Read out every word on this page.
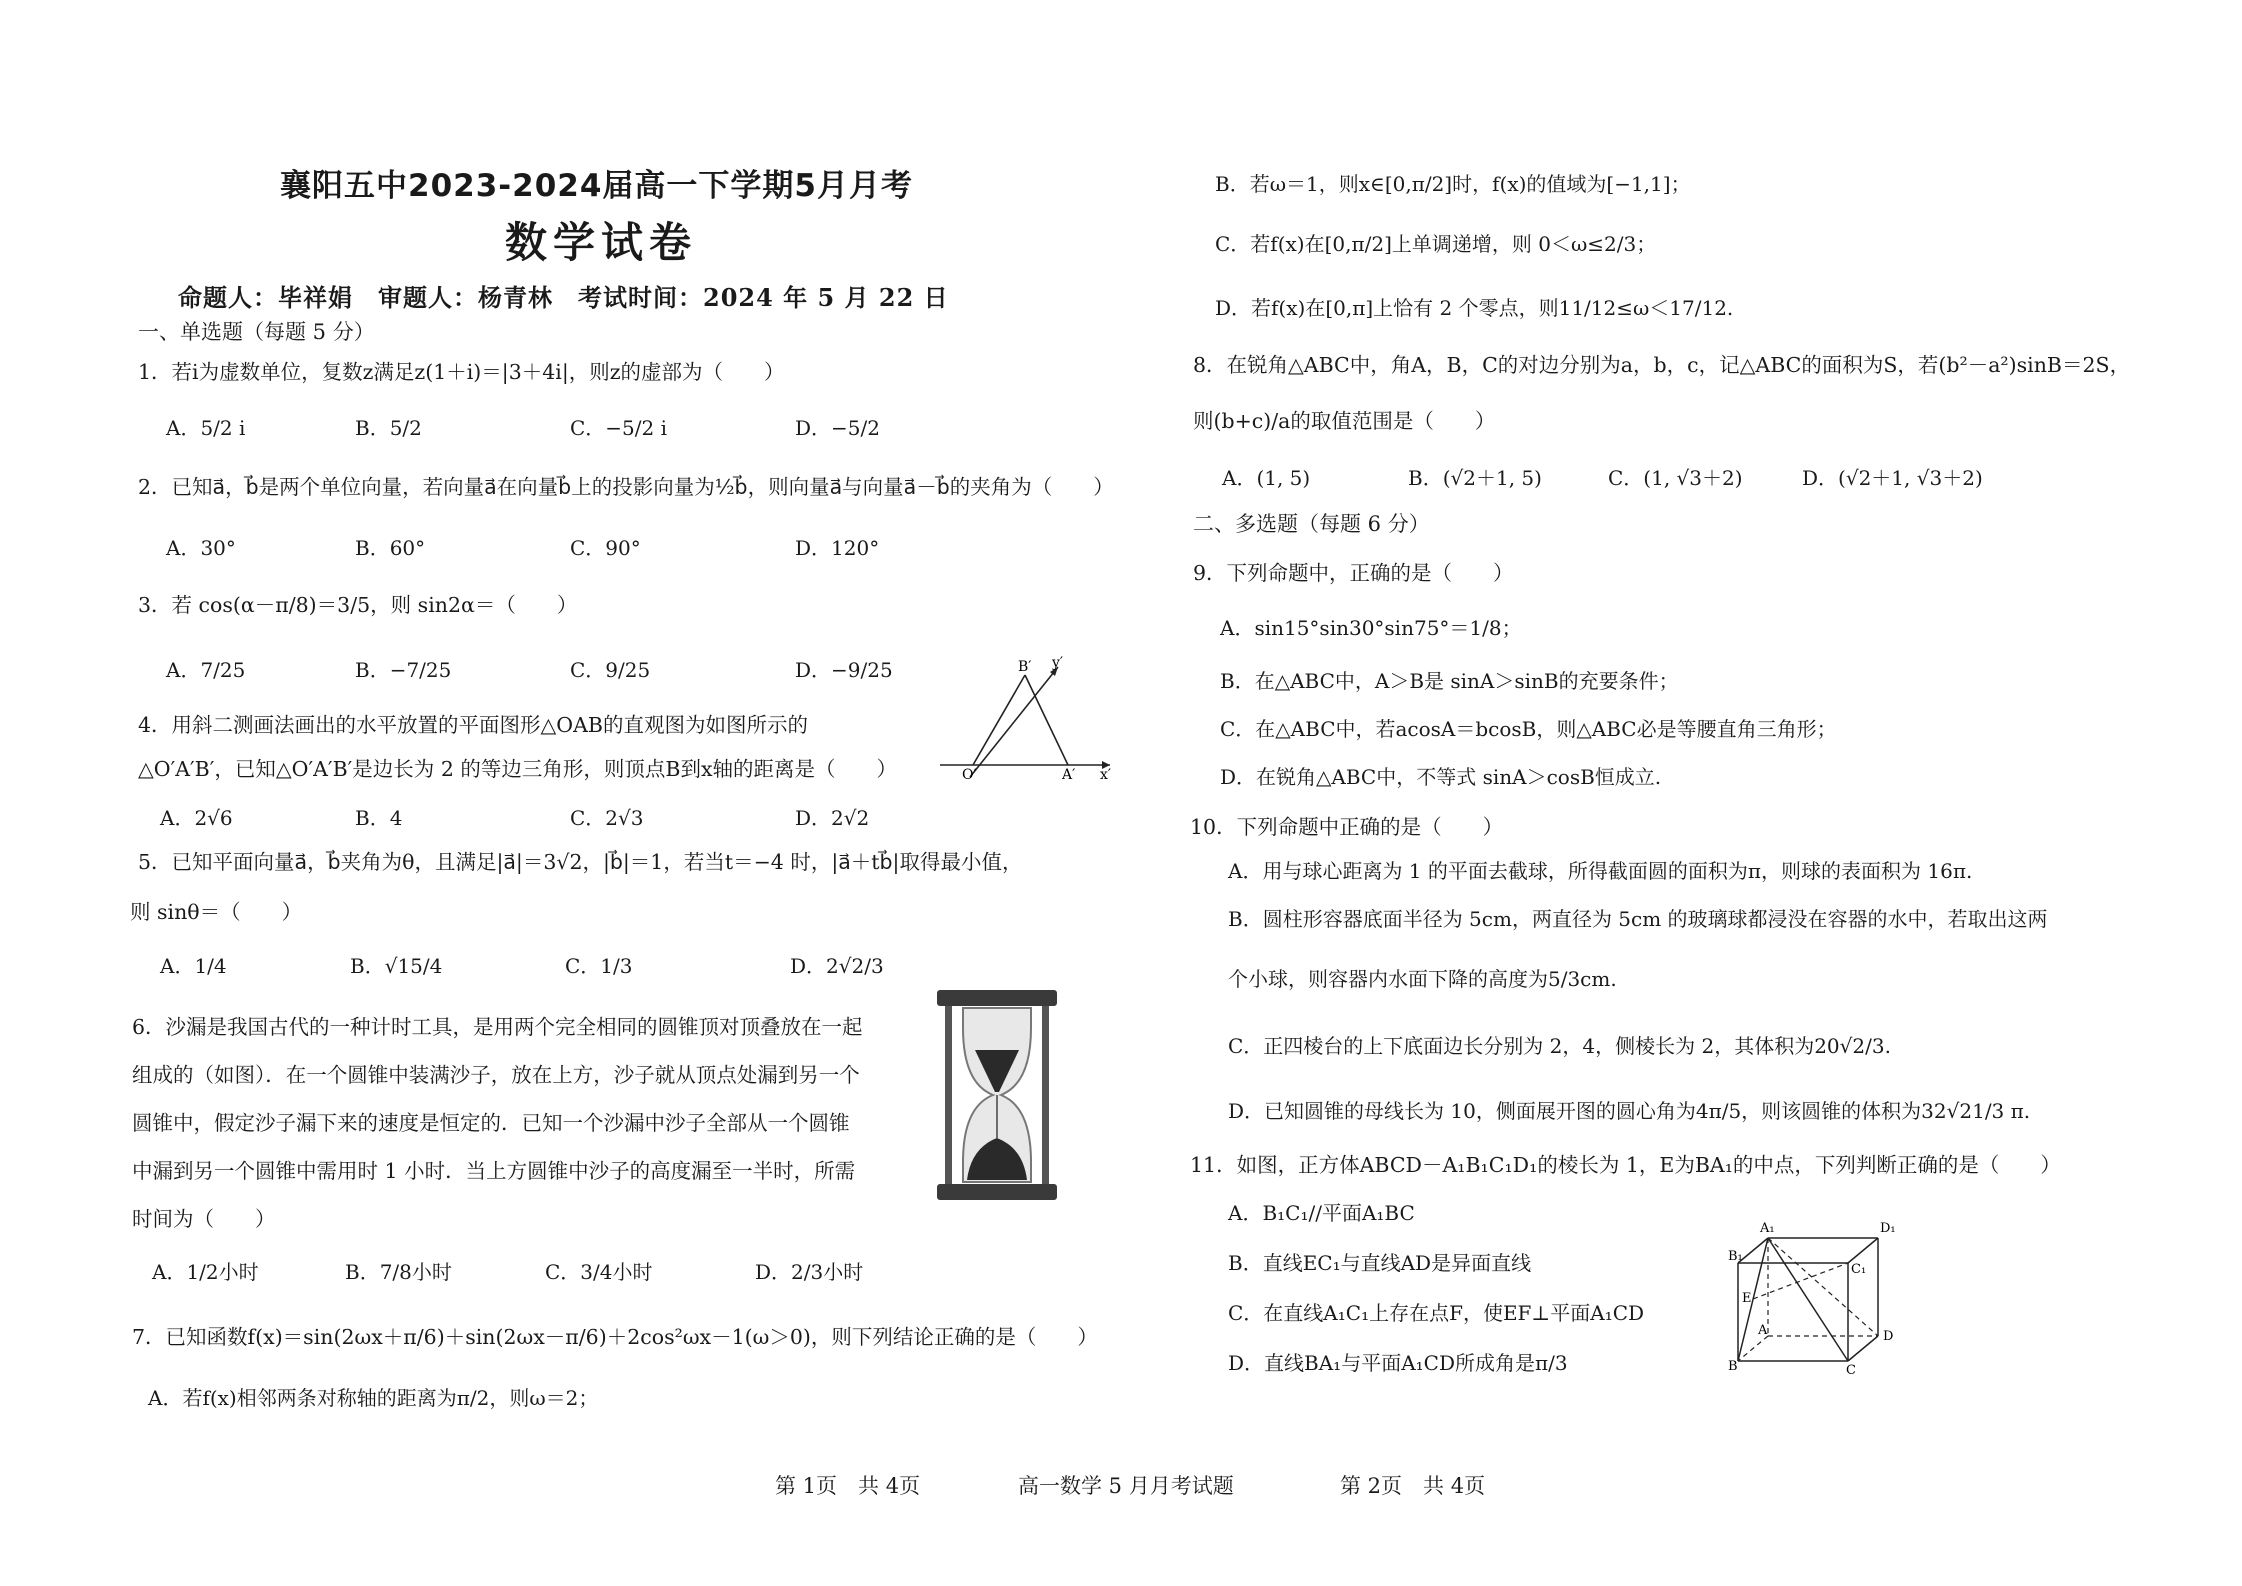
襄阳五中2023-2024届高一下学期5月月考
数学试卷
命题人：毕祥娟　审题人：杨青林　考试时间：2024 年 5 月 22 日
一、单选题（每题 5 分）
1．若i为虚数单位，复数z满足z(1＋i)＝|3＋4i|，则z的虚部为（　　）
A．5/2 i	B．5/2	C．−5/2 i	D．−5/2
2．已知a⃗，b⃗是两个单位向量，若向量a⃗在向量b⃗上的投影向量为½b⃗，则向量a⃗与向量a⃗－b⃗的夹角为（　　）
A．30°	B．60°	C．90°	D．120°
3．若 cos(α－π/8)＝3/5，则 sin2α＝（　　）
A．7/25	B．−7/25	C．9/25	D．−9/25
4．用斜二测画法画出的水平放置的平面图形△OAB的直观图为如图所示的
△O′A′B′，已知△O′A′B′是边长为 2 的等边三角形，则顶点B到x轴的距离是（　　）
A．2√6	B．4	C．2√3	D．2√2
B′ y′
O′	A′ x′
5．已知平面向量a⃗，b⃗夹角为θ，且满足|a⃗|＝3√2，|b⃗|＝1，若当t＝−4 时，|a⃗＋tb⃗|取得最小值，
则 sinθ＝（　　）
A．1/4	B．√15/4	C．1/3	D．2√2/3
6．沙漏是我国古代的一种计时工具，是用两个完全相同的圆锥顶对顶叠放在一起
组成的（如图）．在一个圆锥中装满沙子，放在上方，沙子就从顶点处漏到另一个
圆锥中，假定沙子漏下来的速度是恒定的．已知一个沙漏中沙子全部从一个圆锥
中漏到另一个圆锥中需用时 1 小时．当上方圆锥中沙子的高度漏至一半时，所需
时间为（　　）
A．1/2小时	B．7/8小时	C．3/4小时	D．2/3小时
7．已知函数f(x)＝sin(2ωx＋π/6)＋sin(2ωx－π/6)＋2cos²ωx－1(ω＞0)，则下列结论正确的是（　　）
A．若f(x)相邻两条对称轴的距离为π/2，则ω＝2；
第 1页　共 4页	高一数学 5 月月考试题
B．若ω＝1，则x∈[0,π/2]时，f(x)的值域为[−1,1]；
C．若f(x)在[0,π/2]上单调递增，则 0＜ω≤2/3；
D．若f(x)在[0,π]上恰有 2 个零点，则11/12≤ω＜17/12.
8．在锐角△ABC中，角A，B，C的对边分别为a，b，c，记△ABC的面积为S，若(b²－a²)sinB＝2S，
则(b+c)/a的取值范围是（　　）
A．(1, 5)	B．(√2＋1, 5)	C．(1, √3＋2)	D．(√2＋1, √3＋2)
二、多选题（每题 6 分）
9．下列命题中，正确的是（　　）
A．sin15°sin30°sin75°＝1/8；
B．在△ABC中，A＞B是 sinA＞sinB的充要条件；
C．在△ABC中，若acosA＝bcosB，则△ABC必是等腰直角三角形；
D．在锐角△ABC中，不等式 sinA＞cosB恒成立.
10．下列命题中正确的是（　　）
A．用与球心距离为 1 的平面去截球，所得截面圆的面积为π，则球的表面积为 16π.
B．圆柱形容器底面半径为 5cm，两直径为 5cm 的玻璃球都浸没在容器的水中，若取出这两
个小球，则容器内水面下降的高度为5/3cm.
C．正四棱台的上下底面边长分别为 2，4，侧棱长为 2，其体积为20√2/3.
D．已知圆锥的母线长为 10，侧面展开图的圆心角为4π/5，则该圆锥的体积为32√21/3 π.
11．如图，正方体ABCD－A₁B₁C₁D₁的棱长为 1，E为BA₁的中点，下列判断正确的是（　　）
A．B₁C₁//平面A₁BC
B．直线EC₁与直线AD是异面直线
C．在直线A₁C₁上存在点F，使EF⊥平面A₁CD
D．直线BA₁与平面A₁CD所成角是π/3
A₁	D₁
B₁
C₁
E
A	D
B	C
第 2页　共 4页
